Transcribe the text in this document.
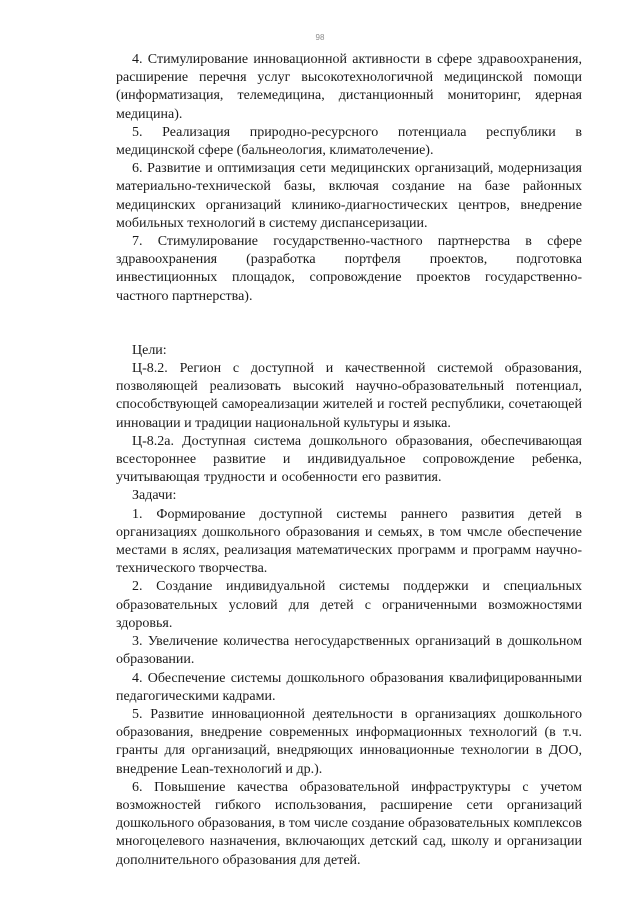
98

4. Стимулирование инновационной активности в сфере здравоохранения, расширение перечня услуг высокотехнологичной медицинской помощи (информатизация, телемедицина, дистанционный мониторинг, ядерная медицина).

5. Реализация природно-ресурсного потенциала республики в медицинской сфере (бальнеология, климатолечение).

6. Развитие и оптимизация сети медицинских организаций, модернизация материально-технической базы, включая создание на базе районных медицинских организаций клинико-диагностических центров, внедрение мобильных технологий в систему диспансеризации.

7. Стимулирование государственно-частного партнерства в сфере здравоохранения (разработка портфеля проектов, подготовка инвестиционных площадок, сопровождение проектов государственно-частного партнерства).

Цели:

Ц-8.2. Регион с доступной и качественной системой образования, позволяющей реализовать высокий научно-образовательный потенциал, способствующей самореализации жителей и гостей республики, сочетающей инновации и традиции национальной культуры и языка.

Ц-8.2а. Доступная система дошкольного образования, обеспечивающая всестороннее развитие и индивидуальное сопровождение ребенка, учитывающая трудности и особенности его развития.

Задачи:

1. Формирование доступной системы раннего развития детей в организациях дошкольного образования и семьях, в том чмсле обеспечение местами в яслях, реализация математических программ и программ научно-технического творчества.

2. Создание индивидуальной системы поддержки и специальных образовательных условий для детей с ограниченными возможностями здоровья.

3. Увеличение количества негосударственных организаций в дошкольном образовании.

4. Обеспечение системы дошкольного образования квалифицированными педагогическими кадрами.

5. Развитие инновационной деятельности в организациях дошкольного образования, внедрение современных информационных технологий (в т.ч. гранты для организаций, внедряющих инновационные технологии в ДОО, внедрение Lean-технологий и др.).

6. Повышение качества образовательной инфраструктуры с учетом возможностей гибкого использования, расширение сети организаций дошкольного образования, в том числе создание образовательных комплексов многоцелевого назначения, включающих детский сад, школу и организации дополнительного образования для детей.
